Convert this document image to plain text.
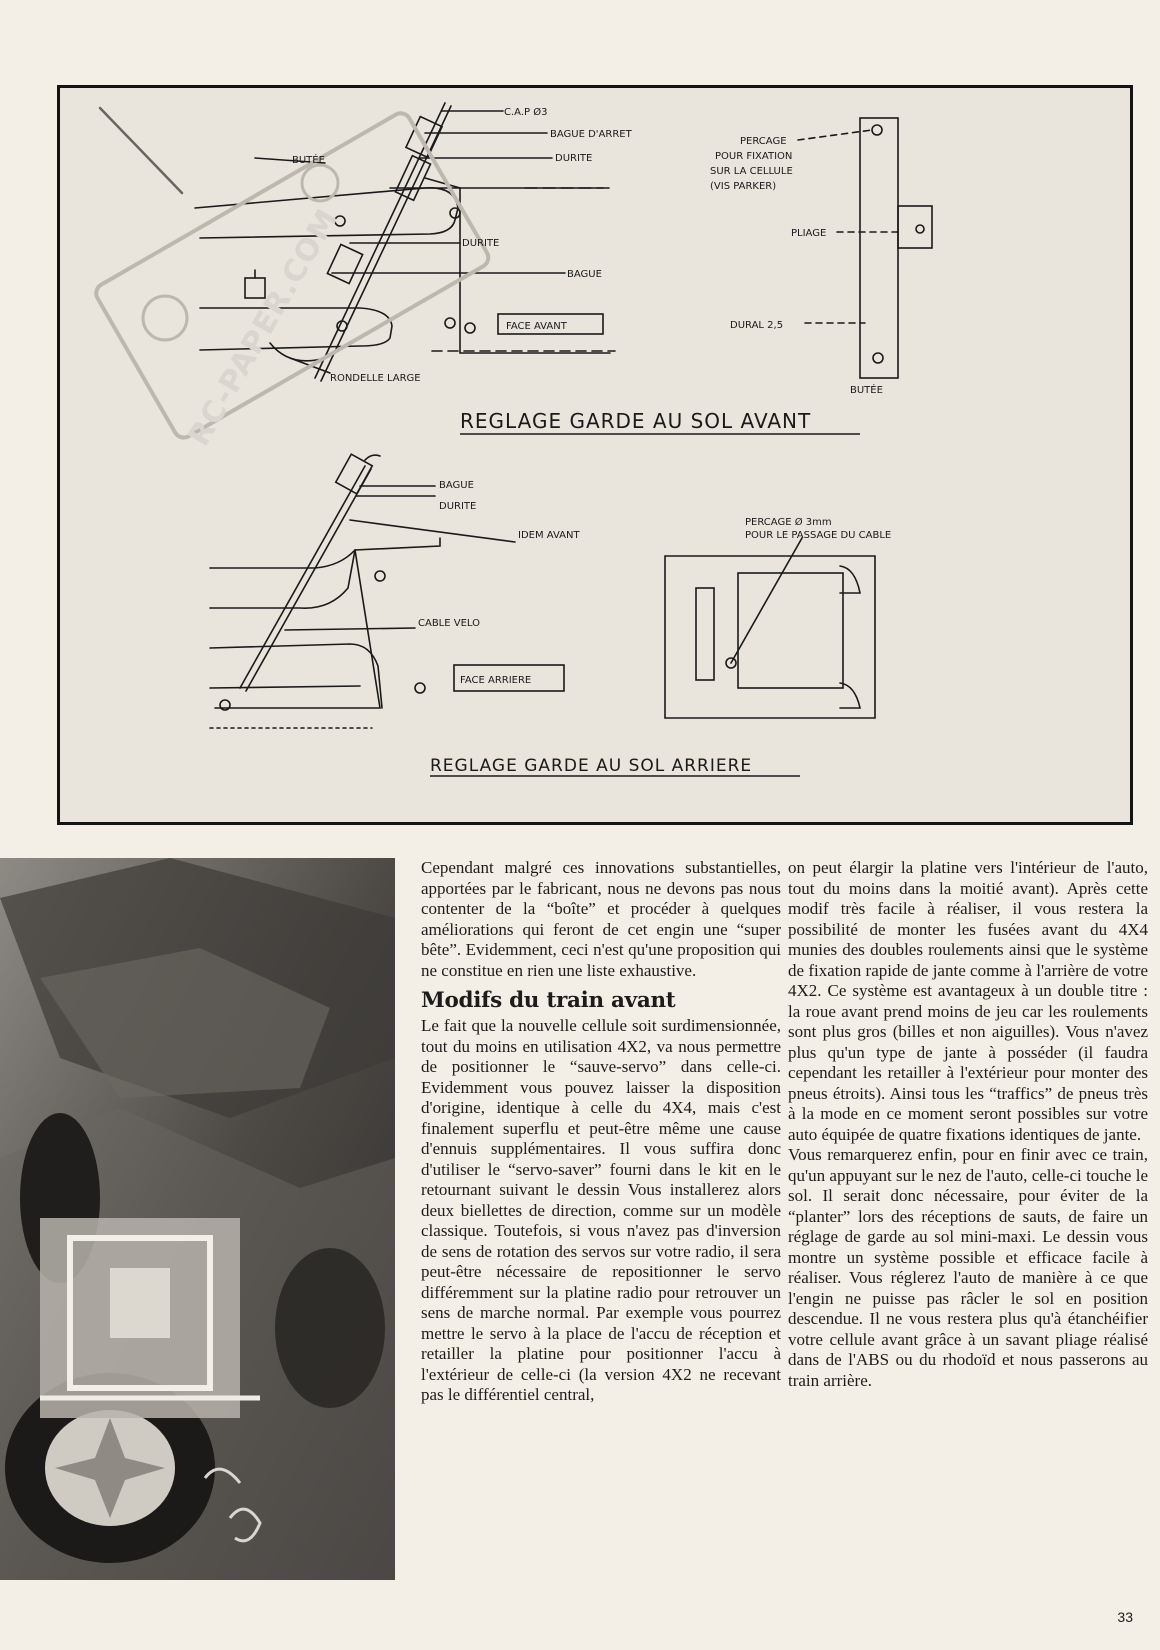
C.A.P Ø3
BAGUE D'ARRET
BUTÉE	DURITE
DURITE
BAGUE
RONDELLE LARGE
FACE AVANT
REGLAGE GARDE AU SOL AVANT
PERCAGE
POUR FIXATION
SUR LA CELLULE
(VIS PARKER)
PLIAGE
DURAL 2,5
BUTÉE
BAGUE
DURITE
IDEM AVANT
CABLE VELO
FACE ARRIERE
REGLAGE GARDE AU SOL ARRIERE
PERCAGE Ø 3mm
POUR LE PASSAGE DU CABLE
RC-PAPER.COM

Cependant malgré ces innovations substantielles, apportées par le fabricant, nous ne devons pas nous contenter de la “boîte” et procéder à quelques améliorations qui feront de cet engin une “super bête”. Evidemment, ceci n'est qu'une proposition qui ne constitue en rien une liste exhaustive.

Modifs du train avant

Le fait que la nouvelle cellule soit surdimensionnée, tout du moins en utilisation 4X2, va nous permettre de positionner le “sauve-servo” dans celle-ci. Evidemment vous pouvez laisser la disposition d'origine, identique à celle du 4X4, mais c'est finalement superflu et peut-être même une cause d'ennuis supplémentaires. Il vous suffira donc d'utiliser le “servo-saver” fourni dans le kit en le retournant suivant le dessin Vous installerez alors deux biellettes de direction, comme sur un modèle classique. Toutefois, si vous n'avez pas d'inversion de sens de rotation des servos sur votre radio, il sera peut-être nécessaire de repositionner le servo différemment sur la platine radio pour retrouver un sens de marche normal. Par exemple vous pourrez mettre le servo à la place de l'accu de réception et retailler la platine pour positionner l'accu à l'extérieur de celle-ci (la version 4X2 ne recevant pas le différentiel central,

on peut élargir la platine vers l'intérieur de l'auto, tout du moins dans la moitié avant). Après cette modif très facile à réaliser, il vous restera la possibilité de monter les fusées avant du 4X4 munies des doubles roulements ainsi que le système de fixation rapide de jante comme à l'arrière de votre 4X2. Ce système est avantageux à un double titre : la roue avant prend moins de jeu car les roulements sont plus gros (billes et non aiguilles). Vous n'avez plus qu'un type de jante à posséder (il faudra cependant les retailler à l'extérieur pour monter des pneus étroits). Ainsi tous les “traffics” de pneus très à la mode en ce moment seront possibles sur votre auto équipée de quatre fixations identiques de jante.

Vous remarquerez enfin, pour en finir avec ce train, qu'un appuyant sur le nez de l'auto, celle-ci touche le sol. Il serait donc nécessaire, pour éviter de la “planter” lors des réceptions de sauts, de faire un réglage de garde au sol mini-maxi. Le dessin vous montre un système possible et efficace facile à réaliser. Vous réglerez l'auto de manière à ce que l'engin ne puisse pas râcler le sol en position descendue. Il ne vous restera plus qu'à étanchéifier votre cellule avant grâce à un savant pliage réalisé dans de l'ABS ou du rhodoïd et nous passerons au train arrière.

33
